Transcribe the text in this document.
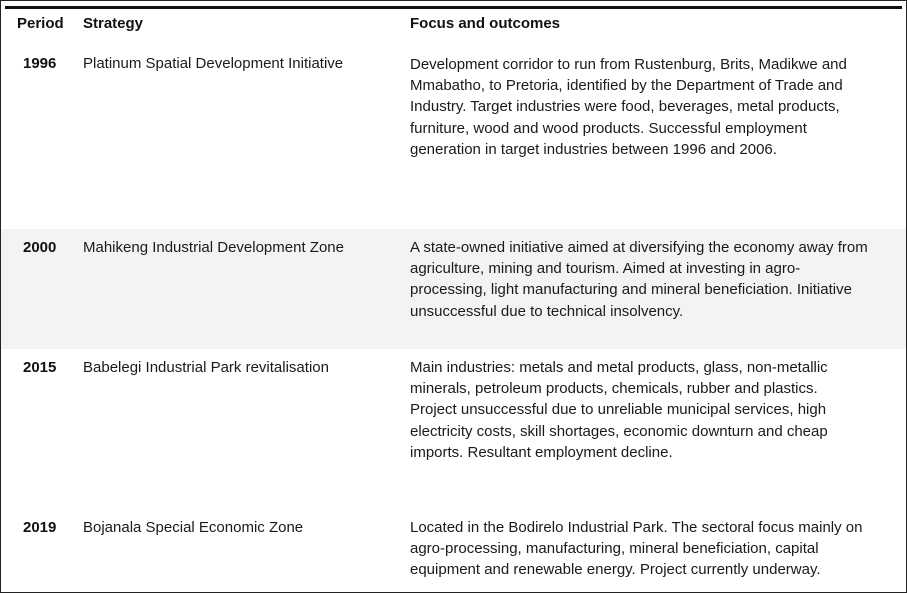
Period Strategy	Focus and outcomes
1996 Platinum Spatial Development Initiative	Development corridor to run from Rustenburg, Brits, Madikwe and
Mmabatho, to Pretoria, identified by the Department of Trade and
Industry. Target industries were food, beverages, metal products,
furniture, wood and wood products. Successful employment
generation in target industries between 1996 and 2006.
2000 Mahikeng Industrial Development Zone	A state-owned initiative aimed at diversifying the economy away from
agriculture, mining and tourism. Aimed at investing in agro-
processing, light manufacturing and mineral beneficiation. Initiative
unsuccessful due to technical insolvency.
2015 Babelegi Industrial Park revitalisation	Main industries: metals and metal products, glass, non-metallic
minerals, petroleum products, chemicals, rubber and plastics.
Project unsuccessful due to unreliable municipal services, high
electricity costs, skill shortages, economic downturn and cheap
imports. Resultant employment decline.
2019 Bojanala Special Economic Zone	Located in the Bodirelo Industrial Park. The sectoral focus mainly on
agro-processing, manufacturing, mineral beneficiation, capital
equipment and renewable energy. Project currently underway.
